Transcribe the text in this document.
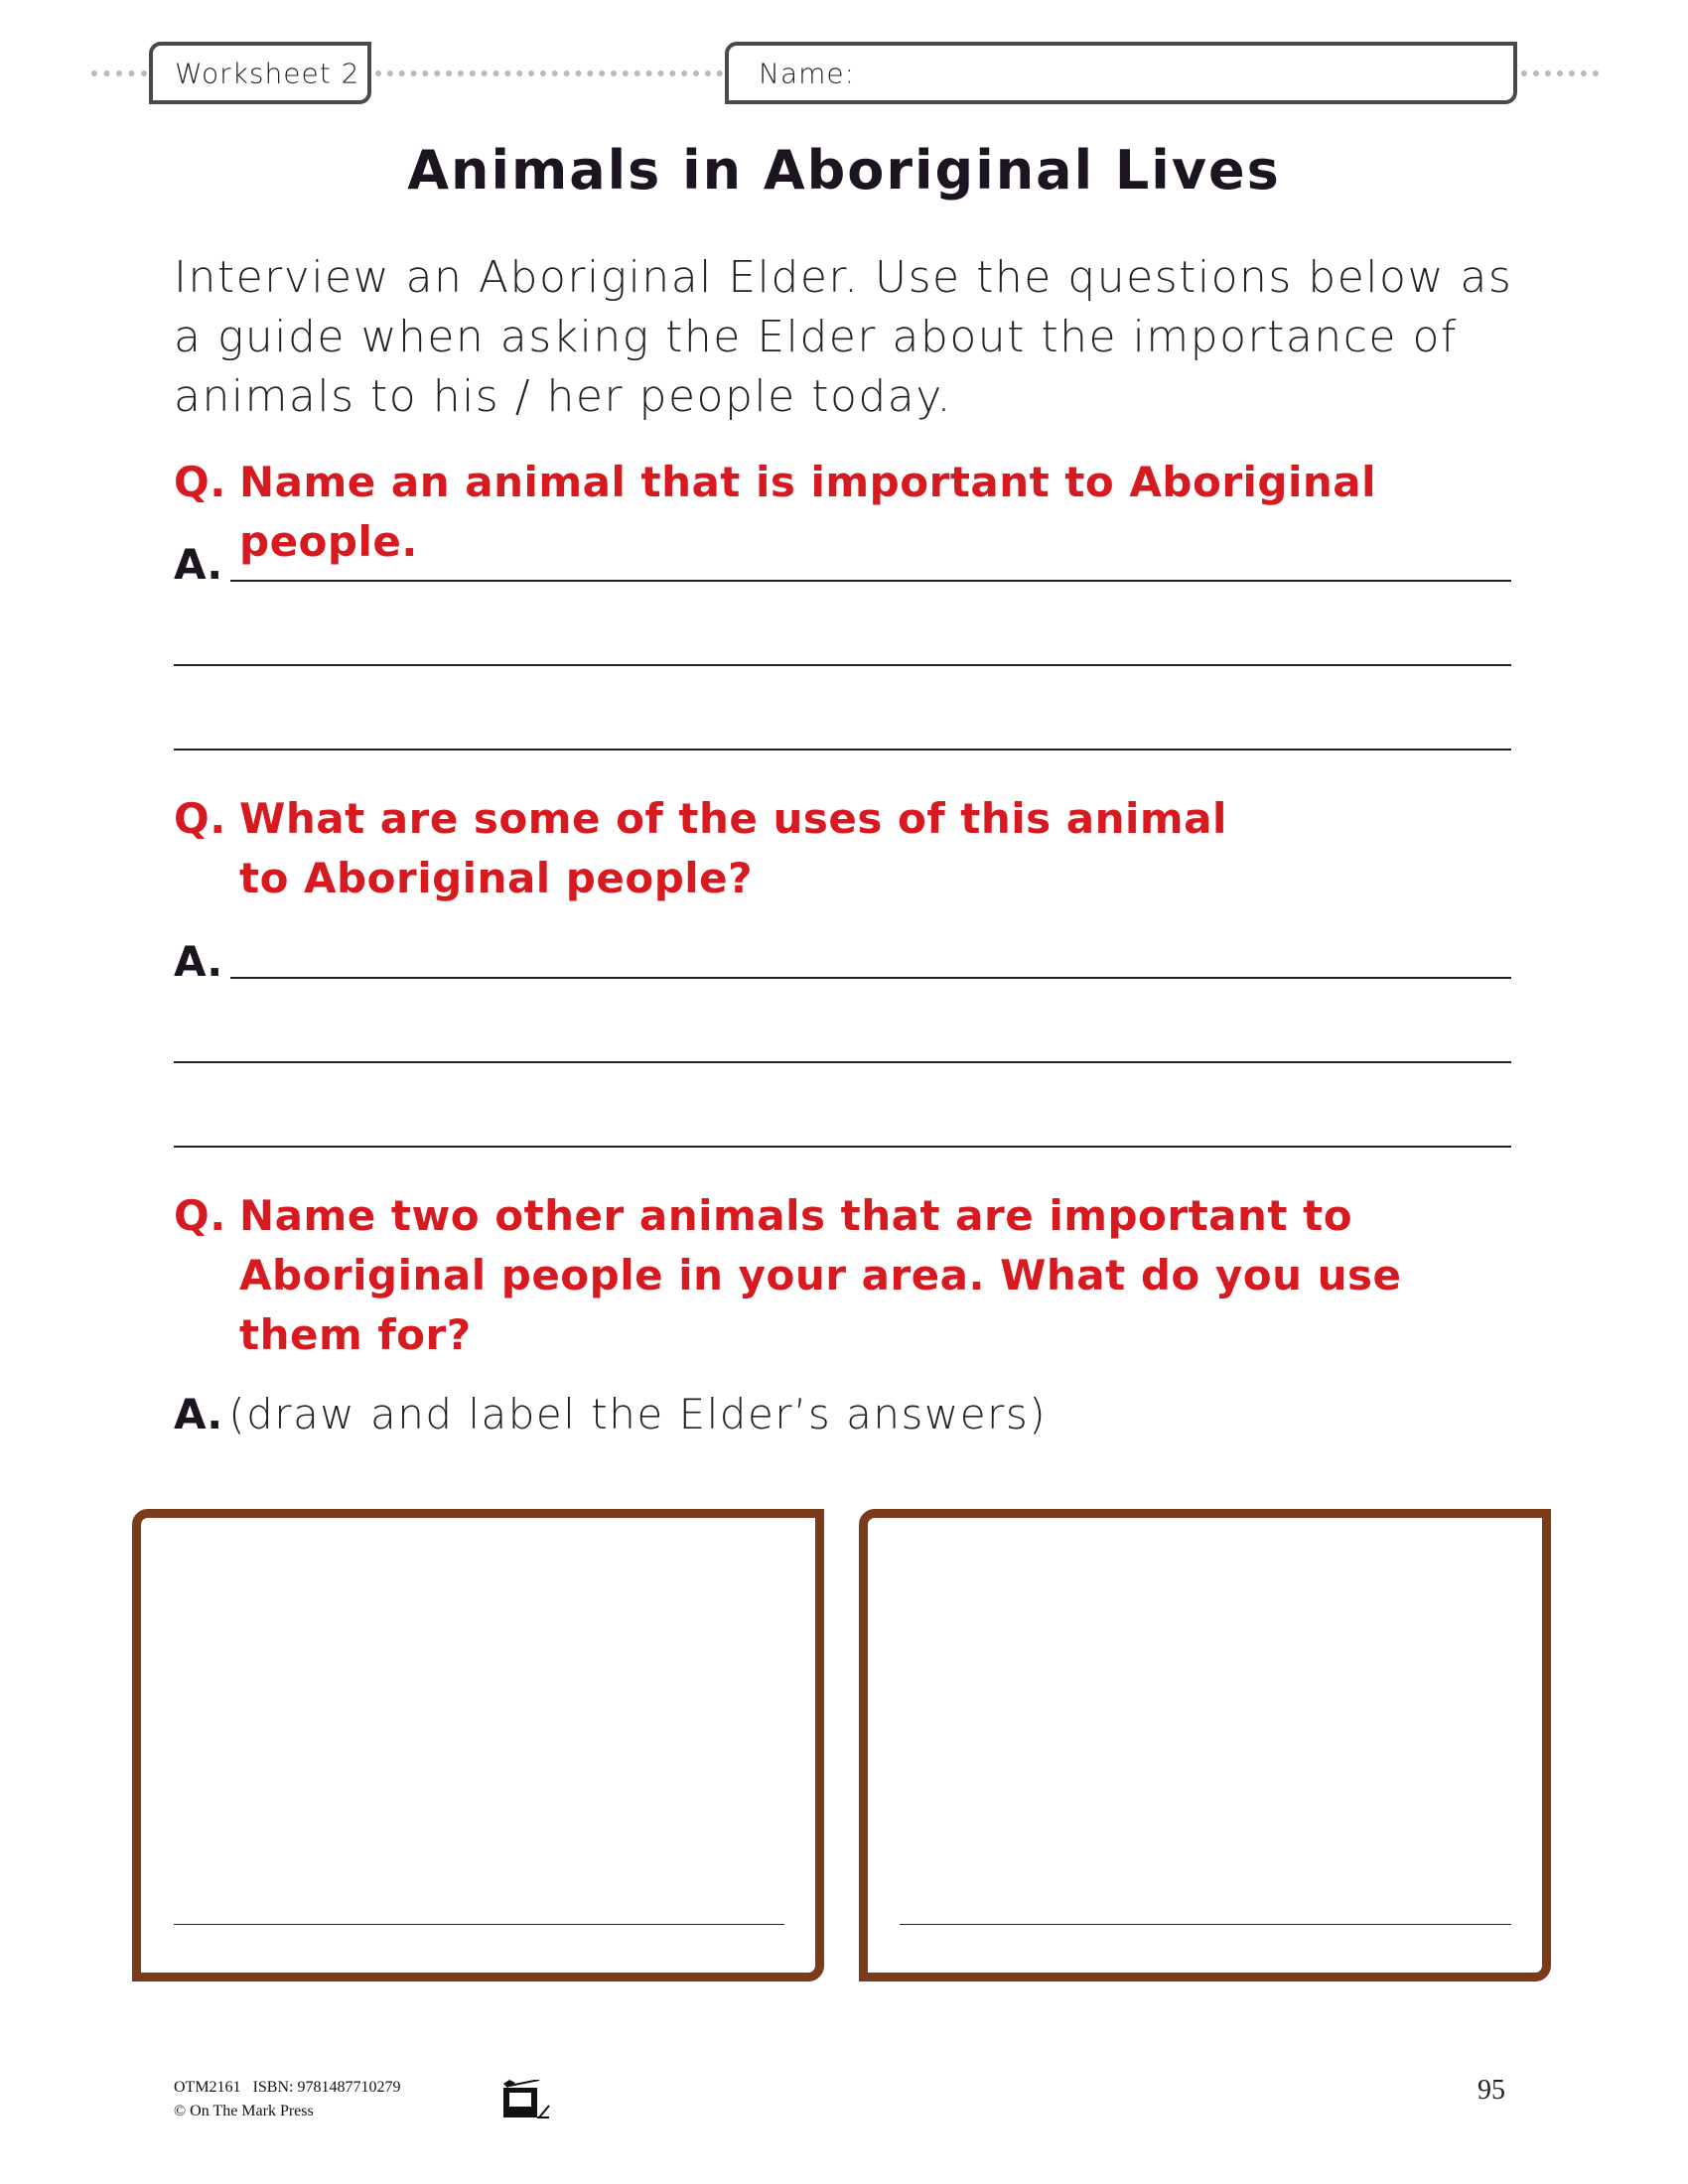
Worksheet 2	Name:
Animals in Aboriginal Lives
Interview an Aboriginal Elder. Use the questions below as a guide when asking the Elder about the importance of animals to his / her people today.
Q. Name an animal that is important to Aboriginal people.
A.
Q. What are some of the uses of this animal to Aboriginal people?
A.
Q. Name two other animals that are important to Aboriginal people in your area. What do you use them for?
A. (draw and label the Elder’s answers)
OTM2161 ISBN: 9781487710279
© On The Mark Press
95
